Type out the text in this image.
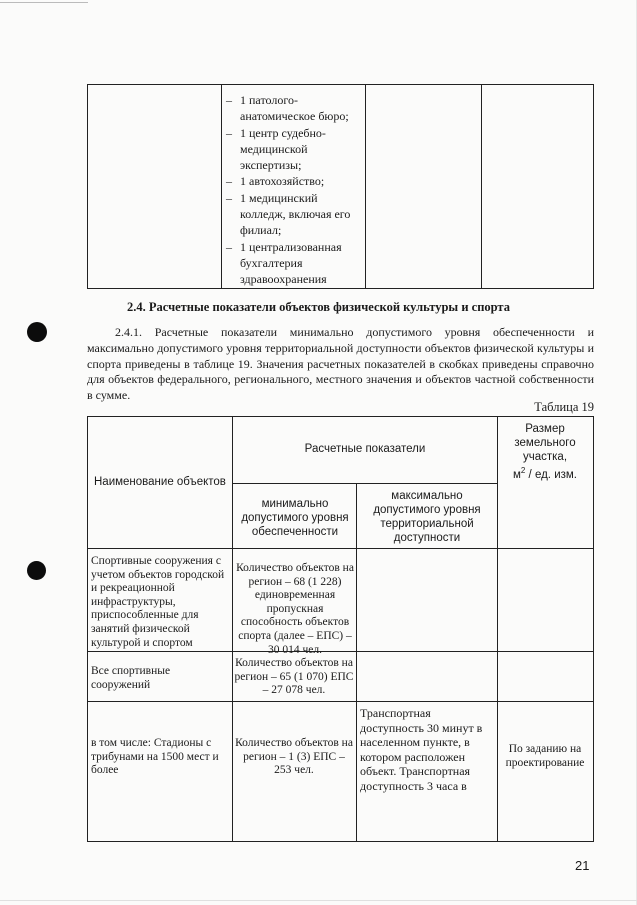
– 1 патолого-анатомическое бюро;
– 1 центр судебно-медицинской экспертизы;
– 1 автохозяйство;
– 1 медицинский колледж, включая его филиал;
– 1 централизованная бухгалтерия здравоохранения
2.4. Расчетные показатели объектов физической культуры и спорта
2.4.1. Расчетные показатели минимально допустимого уровня обеспеченности и максимально допустимого уровня территориальной доступности объектов физической культуры и спорта приведены в таблице 19. Значения расчетных показателей в скобках приведены справочно для объектов федерального, регионального, местного значения и объектов частной собственности в сумме.
Таблица 19
Наименование объектов
Расчетные показатели
минимально допустимого уровня обеспеченности
максимально допустимого уровня территориальной доступности
Размер земельного участка,
$м^2$ / ед. изм.
Спортивные сооружения с учетом объектов городской и рекреационной инфраструктуры, приспособленные для занятий физической культурой и спортом
Количество объектов на регион – 68 (1 228) единовременная пропускная способность объектов спорта (далее – ЕПС) – 30 014 чел.
Все спортивные сооружений
Количество объектов на регион – 65 (1 070) ЕПС – 27 078 чел.
в том числе: Стадионы с трибунами на 1500 мест и более
Количество объектов на регион – 1 (3) ЕПС – 253 чел.
Транспортная доступность 30 минут в населенном пункте, в котором расположен объект. Транспортная доступность 3 часа в
По заданию на проектирование
21
